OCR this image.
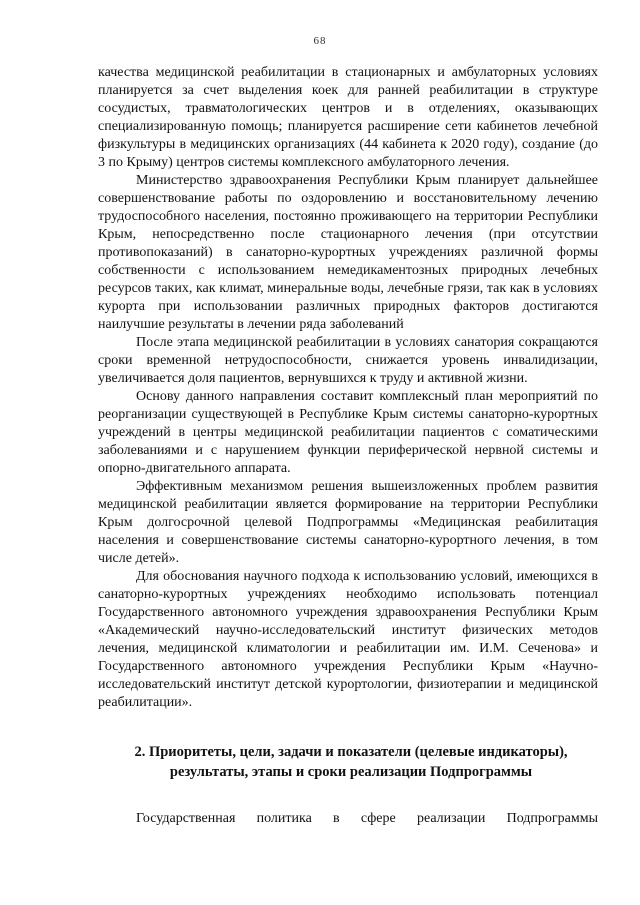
68

качества медицинской реабилитации в стационарных и амбулаторных условиях планируется за счет выделения коек для ранней реабилитации в структуре сосудистых, травматологических центров и в отделениях, оказывающих специализированную помощь; планируется расширение сети кабинетов лечебной физкультуры в медицинских организациях (44 кабинета к 2020 году), создание (до 3 по Крыму) центров системы комплексного амбулаторного лечения.

Министерство здравоохранения Республики Крым планирует дальнейшее совершенствование работы по оздоровлению и восстановительному лечению трудоспособного населения, постоянно проживающего на территории Республики Крым, непосредственно после стационарного лечения (при отсутствии противопоказаний) в санаторно-курортных учреждениях различной формы собственности с использованием немедикаментозных природных лечебных ресурсов таких, как климат, минеральные воды, лечебные грязи, так как в условиях курорта при использовании различных природных факторов достигаются наилучшие результаты в лечении ряда заболеваний

После этапа медицинской реабилитации в условиях санатория сокращаются сроки временной нетрудоспособности, снижается уровень инвалидизации, увеличивается доля пациентов, вернувшихся к труду и активной жизни.

Основу данного направления составит комплексный план мероприятий по реорганизации существующей в Республике Крым системы санаторно-курортных учреждений в центры медицинской реабилитации пациентов с соматическими заболеваниями и с нарушением функции периферической нервной системы и опорно-двигательного аппарата.

Эффективным механизмом решения вышеизложенных проблем развития медицинской реабилитации является формирование на территории Республики Крым долгосрочной целевой Подпрограммы «Медицинская реабилитация населения и совершенствование системы санаторно-курортного лечения, в том числе детей».

Для обоснования научного подхода к использованию условий, имеющихся в санаторно-курортных учреждениях необходимо использовать потенциал Государственного автономного учреждения здравоохранения Республики Крым «Академический научно-исследовательский институт физических методов лечения, медицинской климатологии и реабилитации им. И.М. Сеченова» и Государственного автономного учреждения Республики Крым «Научно-исследовательский институт детской курортологии, физиотерапии и медицинской реабилитации».

2. Приоритеты, цели, задачи и показатели (целевые индикаторы), результаты, этапы и сроки реализации Подпрограммы

Государственная политика в сфере реализации Подпрограммы
